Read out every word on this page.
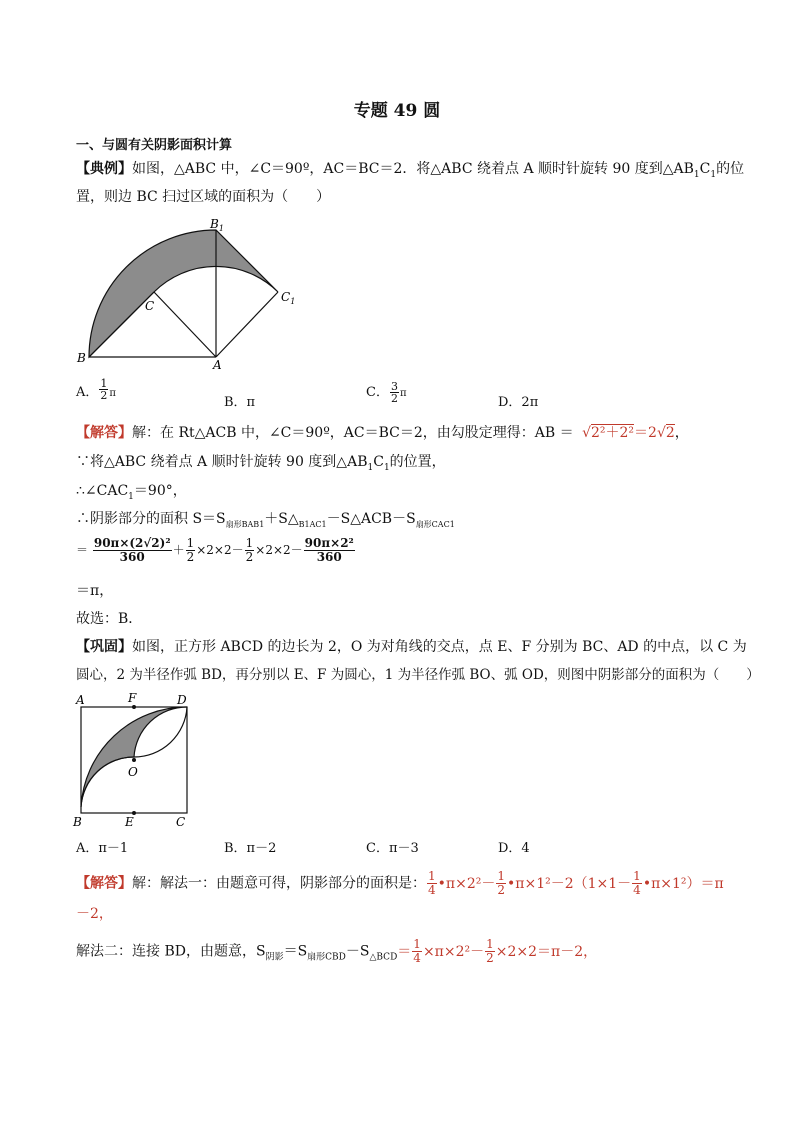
专题 49 圆
一、与圆有关阴影面积计算
【典例】如图，△ABC 中，∠C＝90º，AC＝BC＝2．将△ABC 绕着点 A 顺时针旋转 90 度到$\triangle AB_1C_1$的位
置，则边 BC 扫过区域的面积为（　　）
$B_1$
$C_1$
C
B	A
A． $\frac{1}{2}$ π
B．π
C． $\frac{3}{2}$ π
D．2π
【解答】解：在 Rt△ACB 中，∠C＝90º，AC＝BC＝2，由勾股定理得：AB ＝ √2²＋2²＝2√2，
∵将△ABC 绕着点 A 顺时针旋转 90 度到$\triangle AB_1C_1$的位置，
$\therefore\angle CAC_1=90^\circ$，
∴阴影部分的面积 $S=S_{扇形BAB1}+S\triangle_{B1AC1}-S\triangle ACB-S_{扇形CAC1}$
＝ $\frac{\text{90π×(2√2)²}}{360} + \frac{1}{2} \times 2\times 2- \frac{1}{2} \times 2\times 2- \frac{\text{90π×2²}}{360}$
＝π，
故选：B．
【巩固】如图，正方形 ABCD 的边长为 2，O 为对角线的交点，点 E、F 分别为 BC、AD 的中点，以 C 为
圆心，2 为半径作弧 BD，再分别以 E、F 为圆心，1 为半径作弧 BO、弧 OD，则图中阴影部分的面积为（　　）
A	F	D
O
B	E	C
A．π－1	B．π－2	C．π－3	D．4
【解答】解：解法一：由题意可得，阴影部分的面积是： $\frac{1}{4}$ •π×2²－ $\frac{1}{2}$ •π×1²－2（1×1－ $\frac{1}{4}$ •π×1²）＝π
－2，
解法二：连接 BD，由题意，$S_{阴影}=S_{扇形CBD}-S_{\triangle BCD}= \frac{1}{4} \times\pi\times 2^2- \frac{1}{2} \times 2\times 2=\pi-2$，
